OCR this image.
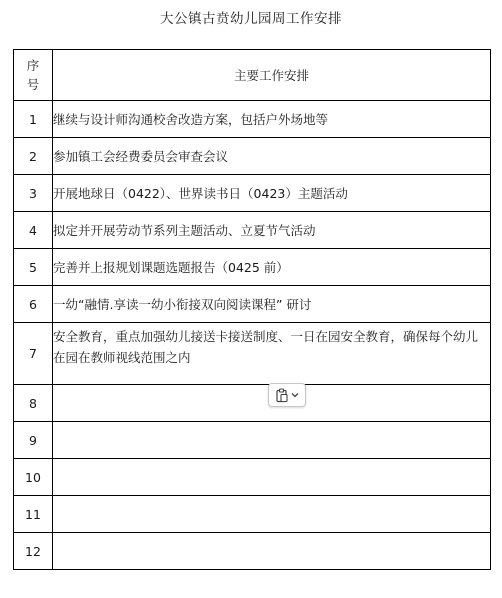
大公镇古贲幼儿园周工作安排
序
号	主要工作安排
1	继续与设计师沟通校舍改造方案，包括户外场地等
2	参加镇工会经费委员会审查会议
3	开展地球日（0422）、世界读书日（0423）主题活动
4	拟定并开展劳动节系列主题活动、立夏节气活动
5	完善并上报规划课题选题报告（0425 前）
6	一幼“融情.享读一幼小衔接双向阅读课程” 研讨
7	安全教育，重点加强幼儿接送卡接送制度、一日在园安全教育，确保每个幼儿在园在教师视线范围之内
8	
9	
10	
11	
12	
